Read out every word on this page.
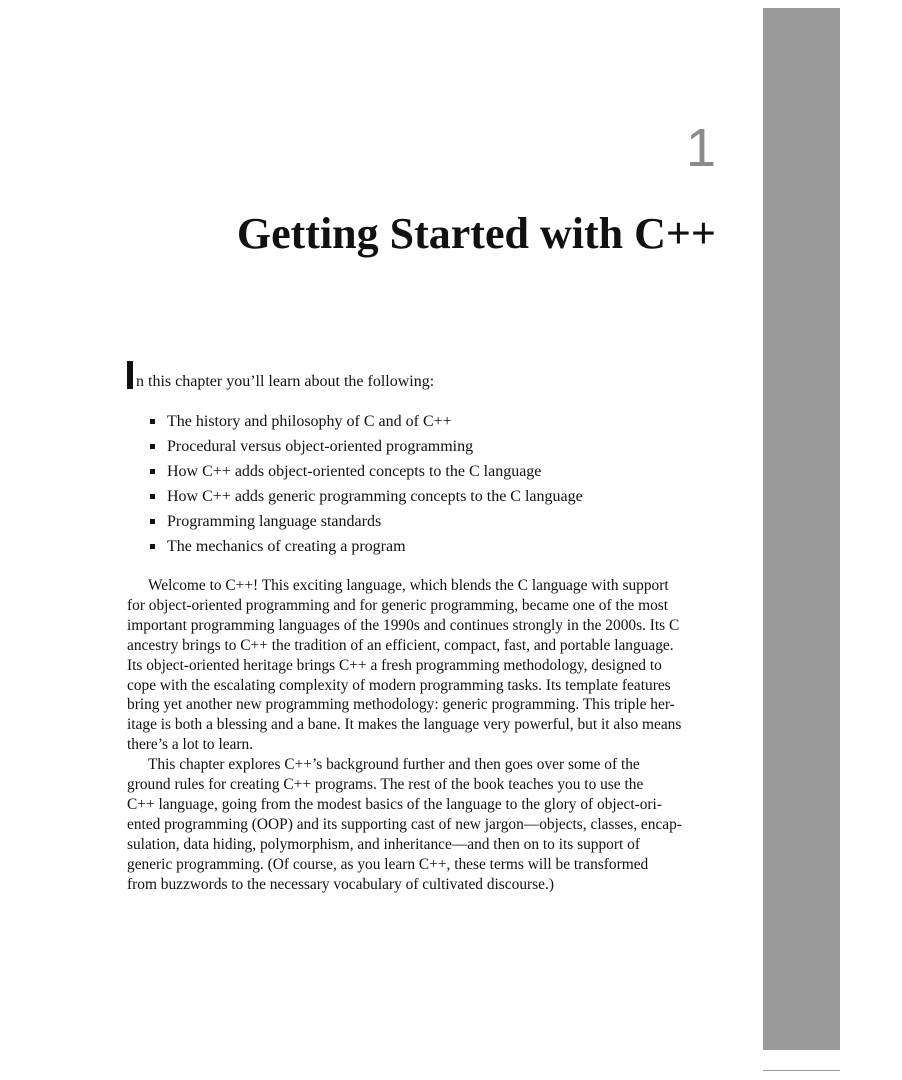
1
Getting Started with C++
n this chapter you’ll learn about the following:
The history and philosophy of C and of C++
Procedural versus object-oriented programming
How C++ adds object-oriented concepts to the C language
How C++ adds generic programming concepts to the C language
Programming language standards
The mechanics of creating a program
Welcome to C++! This exciting language, which blends the C language with support
for object-oriented programming and for generic programming, became one of the most
important programming languages of the 1990s and continues strongly in the 2000s. Its C
ancestry brings to C++ the tradition of an efficient, compact, fast, and portable language.
Its object-oriented heritage brings C++ a fresh programming methodology, designed to
cope with the escalating complexity of modern programming tasks. Its template features
bring yet another new programming methodology: generic programming. This triple her-
itage is both a blessing and a bane. It makes the language very powerful, but it also means
there’s a lot to learn.
This chapter explores C++’s background further and then goes over some of the
ground rules for creating C++ programs. The rest of the book teaches you to use the
C++ language, going from the modest basics of the language to the glory of object-ori-
ented programming (OOP) and its supporting cast of new jargon—objects, classes, encap-
sulation, data hiding, polymorphism, and inheritance—and then on to its support of
generic programming. (Of course, as you learn C++, these terms will be transformed
from buzzwords to the necessary vocabulary of cultivated discourse.)
